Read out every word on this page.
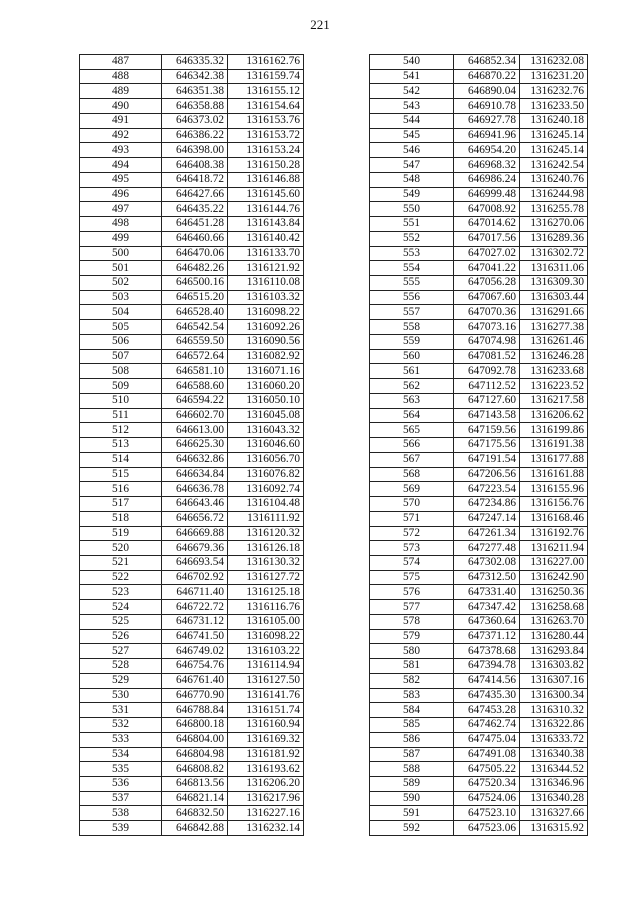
221
487	646335.32	1316162.76
488	646342.38	1316159.74
489	646351.38	1316155.12
490	646358.88	1316154.64
491	646373.02	1316153.76
492	646386.22	1316153.72
493	646398.00	1316153.24
494	646408.38	1316150.28
495	646418.72	1316146.88
496	646427.66	1316145.60
497	646435.22	1316144.76
498	646451.28	1316143.84
499	646460.66	1316140.42
500	646470.06	1316133.70
501	646482.26	1316121.92
502	646500.16	1316110.08
503	646515.20	1316103.32
504	646528.40	1316098.22
505	646542.54	1316092.26
506	646559.50	1316090.56
507	646572.64	1316082.92
508	646581.10	1316071.16
509	646588.60	1316060.20
510	646594.22	1316050.10
511	646602.70	1316045.08
512	646613.00	1316043.32
513	646625.30	1316046.60
514	646632.86	1316056.70
515	646634.84	1316076.82
516	646636.78	1316092.74
517	646643.46	1316104.48
518	646656.72	1316111.92
519	646669.88	1316120.32
520	646679.36	1316126.18
521	646693.54	1316130.32
522	646702.92	1316127.72
523	646711.40	1316125.18
524	646722.72	1316116.76
525	646731.12	1316105.00
526	646741.50	1316098.22
527	646749.02	1316103.22
528	646754.76	1316114.94
529	646761.40	1316127.50
530	646770.90	1316141.76
531	646788.84	1316151.74
532	646800.18	1316160.94
533	646804.00	1316169.32
534	646804.98	1316181.92
535	646808.82	1316193.62
536	646813.56	1316206.20
537	646821.14	1316217.96
538	646832.50	1316227.16
539	646842.88	1316232.14
540	646852.34	1316232.08
541	646870.22	1316231.20
542	646890.04	1316232.76
543	646910.78	1316233.50
544	646927.78	1316240.18
545	646941.96	1316245.14
546	646954.20	1316245.14
547	646968.32	1316242.54
548	646986.24	1316240.76
549	646999.48	1316244.98
550	647008.92	1316255.78
551	647014.62	1316270.06
552	647017.56	1316289.36
553	647027.02	1316302.72
554	647041.22	1316311.06
555	647056.28	1316309.30
556	647067.60	1316303.44
557	647070.36	1316291.66
558	647073.16	1316277.38
559	647074.98	1316261.46
560	647081.52	1316246.28
561	647092.78	1316233.68
562	647112.52	1316223.52
563	647127.60	1316217.58
564	647143.58	1316206.62
565	647159.56	1316199.86
566	647175.56	1316191.38
567	647191.54	1316177.88
568	647206.56	1316161.88
569	647223.54	1316155.96
570	647234.86	1316156.76
571	647247.14	1316168.46
572	647261.34	1316192.76
573	647277.48	1316211.94
574	647302.08	1316227.00
575	647312.50	1316242.90
576	647331.40	1316250.36
577	647347.42	1316258.68
578	647360.64	1316263.70
579	647371.12	1316280.44
580	647378.68	1316293.84
581	647394.78	1316303.82
582	647414.56	1316307.16
583	647435.30	1316300.34
584	647453.28	1316310.32
585	647462.74	1316322.86
586	647475.04	1316333.72
587	647491.08	1316340.38
588	647505.22	1316344.52
589	647520.34	1316346.96
590	647524.06	1316340.28
591	647523.10	1316327.66
592	647523.06	1316315.92
